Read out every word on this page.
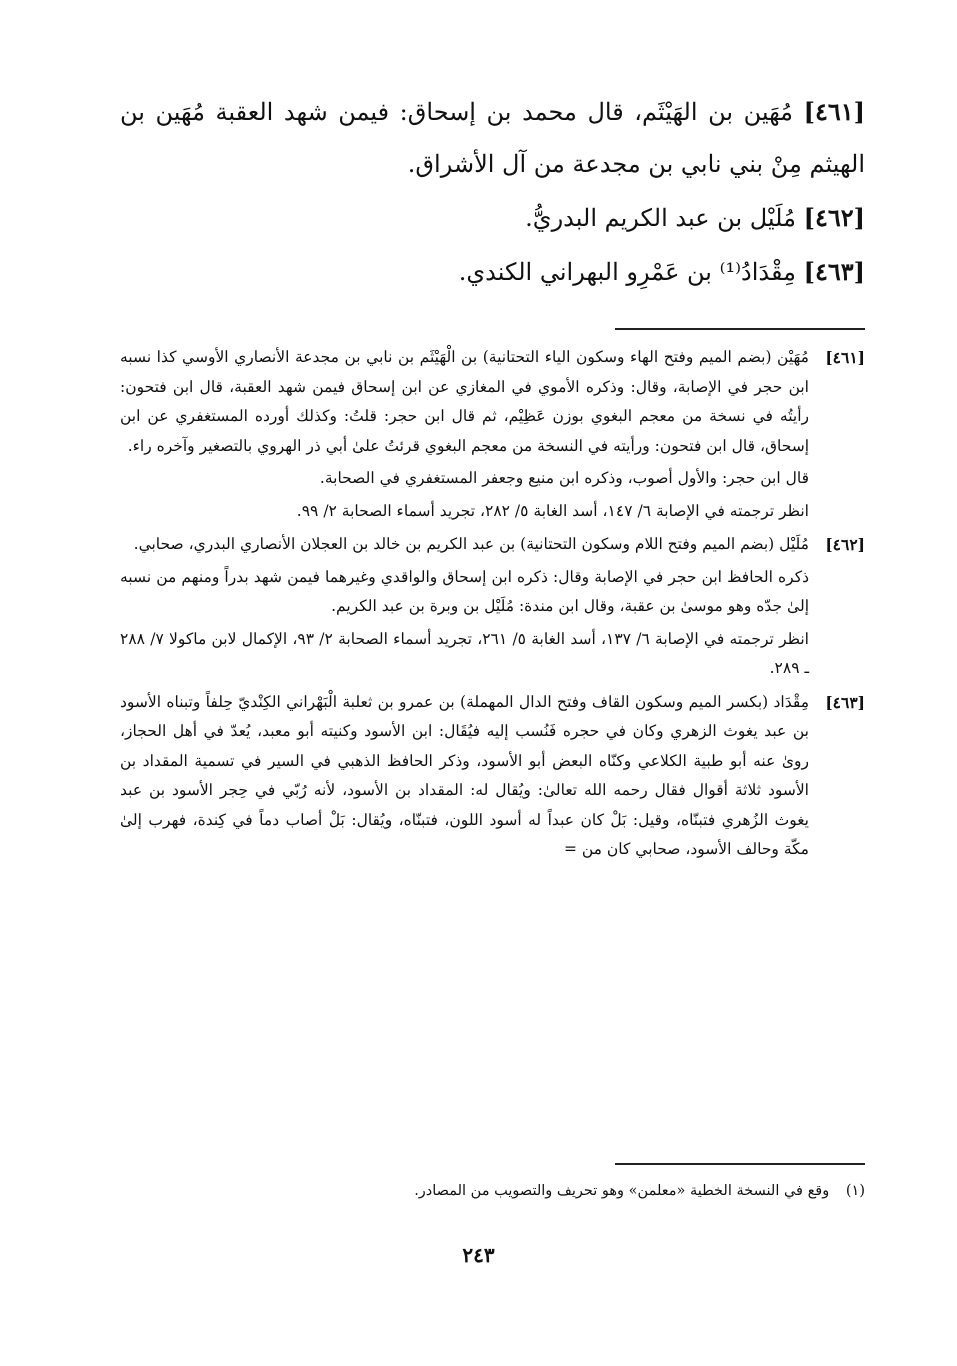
[٤٦١] مُهَين بن الهَيْثَم، قال محمد بن إسحاق: فيمن شهد العقبة مُهَين بن الهيثم مِنْ بني نابي بن مجدعة من آل الأشراق.

[٤٦٢] مُلَيْل بن عبد الكريم البدريُّ.

[٤٦٣] مِقْدَادُ⁽¹⁾ بن عَمْرِو البهراني الكندي.

[٤٦١]

مُهَيْن (بضم الميم وفتح الهاء وسكون الياء التحتانية) بن الْهَيْثَم بن نابي بن مجدعة الأنصاري الأوسي كذا نسبه ابن حجر في الإصابة، وقال: وذكره الأموي في المغازي عن ابن إسحاق فيمن شهد العقبة، قال ابن فتحون: رأيتُه في نسخة من معجم البغوي بوزن عَظِيْم، ثم قال ابن حجر: قلتُ: وكذلك أورده المستغفري عن ابن إسحاق، قال ابن فتحون: ورأيته في النسخة من معجم البغوي قرئتُ علىٰ أبي ذر الهروي بالتصغير وآخره راء.

قال ابن حجر: والأول أصوب، وذكره ابن منيع وجعفر المستغفري في الصحابة.

انظر ترجمته في الإصابة ٦/ ١٤٧، أسد الغابة ٥/ ٢٨٢، تجريد أسماء الصحابة ٢/ ٩٩.

[٤٦٢]

مُلَيْل (بضم الميم وفتح اللام وسكون التحتانية) بن عبد الكريم بن خالد بن العجلان الأنصاري البدري، صحابي.

ذكره الحافظ ابن حجر في الإصابة وقال: ذكره ابن إسحاق والواقدي وغيرهما فيمن شهد بدراً ومنهم من نسبه إلىٰ جدّه وهو موسىٰ بن عقبة، وقال ابن مندة: مُلَيْل بن وبرة بن عبد الكريم.

انظر ترجمته في الإصابة ٦/ ١٣٧، أسد الغابة ٥/ ٢٦١، تجريد أسماء الصحابة ٢/ ٩٣، الإكمال لابن ماكولا ٧/ ٢٨٨ ـ ٢٨٩.

[٤٦٣]

مِقْدَاد (بكسر الميم وسكون القاف وفتح الدال المهملة) بن عمرو بن ثعلبة الْبَهْراني الكِنْديّ حِلفاً وتبناه الأسود بن عبد يغوث الزهري وكان في حجره فَنُسب إليه فيُقَال: ابن الأسود وكنيته أبو معبد، يُعدّ في أهل الحجاز، روىٰ عنه أبو طبية الكلاعي وكنّاه البعض أبو الأسود، وذكر الحافظ الذهبي في السير في تسمية المقداد بن الأسود ثلاثة أقوال فقال رحمه الله تعالىٰ: ويُقال له: المقداد بن الأسود، لأنه رُبّي في حِجر الأسود بن عبد يغوث الزُهري فتبنّاه، وقيل: بَلْ كان عبداً له أسود اللون، فتبنّاه، ويُقال: بَلْ أصاب دماً في كِندة، فهرب إلىٰ مكّة وحالف الأسود، صحابي كان من =

(١) وقع في النسخة الخطية «معلمن» وهو تحريف والتصويب من المصادر.
٢٤٣
